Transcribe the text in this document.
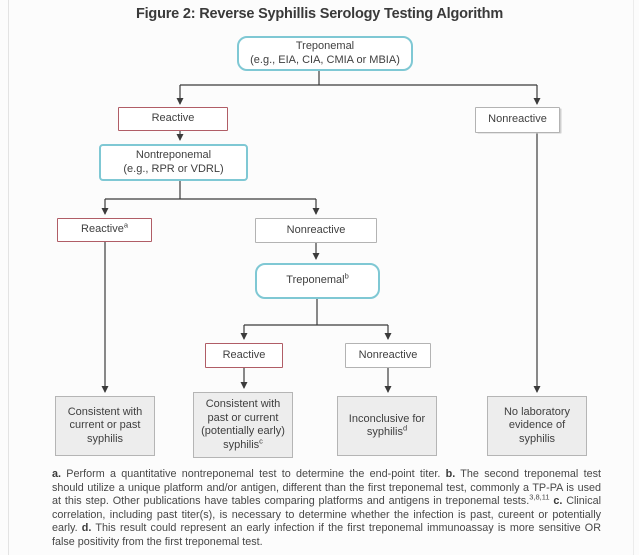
Figure 2: Reverse Syphillis Serology Testing Algorithm
Treponemal
(e.g., EIA, CIA, CMIA or MBIA)
Reactive	Nonreactive
Nontreponemal
(e.g., RPR or VDRL)
Reactive$^a$	Nonreactive
Treponemal$^b$
Reactive	Nonreactive
Consistent with
current or past
syphilis
Consistent with
past or current
(potentially early)
syphilis$^c$
Inconclusive for
syphilis$^d$
No laboratory
evidence of
syphilis
a. Perform a quantitative nontreponemal test to determine the end-point titer. b. The second treponemal test should utilize a unique platform and/or antigen, different than the first treponemal test, commonly a TP-PA is used at this step. Other publications have tables comparing platforms and antigens in treponemal tests.$^{3,8,11}$ c. Clinical correlation, including past titer(s), is necessary to determine whether the infection is past, cureent or potentially early. d. This result could represent an early infection if the first treponemal immunoassay is more sensitive OR false positivity from the first treponemal test.
